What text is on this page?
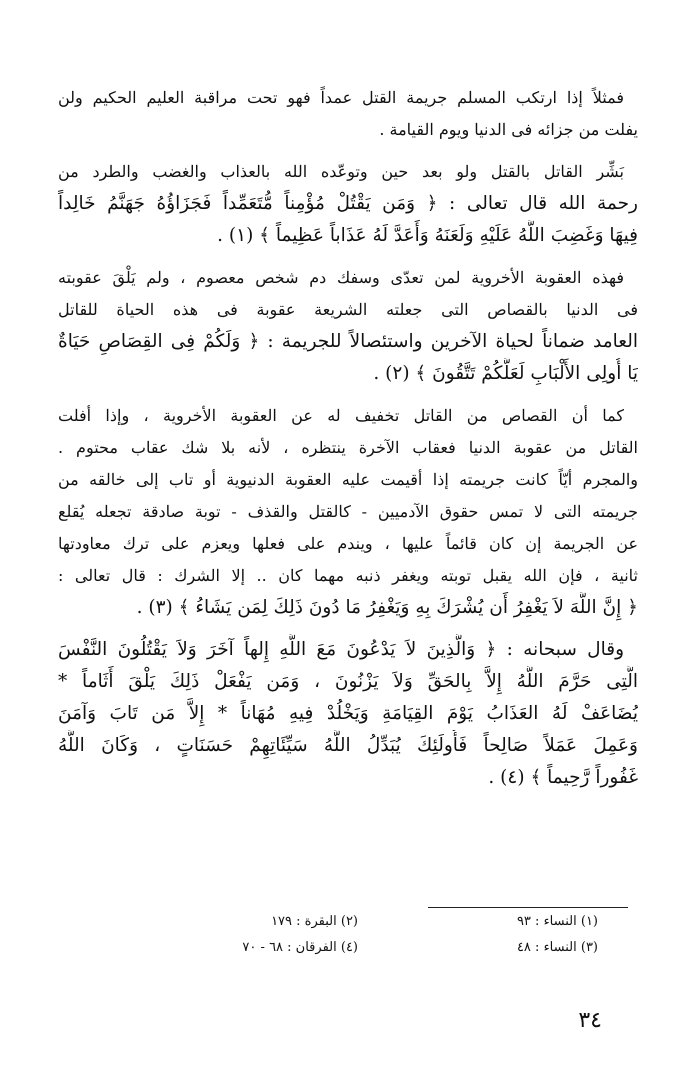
فمثلاً إذا ارتكب المسلم جريمة القتل عمداً فهو تحت مراقبة العليم الحكيم ولن
يفلت من جزائه فى الدنيا ويوم القيامة .
بَشِّر القاتل بالقتل ولو بعد حين وتوعّده الله بالعذاب والغضب والطرد من
رحمة الله قال تعالى : ﴿ وَمَن يَقْتُلْ مُؤْمِناً مُّتَعَمِّداً فَجَزَاؤُهُ جَهَنَّمُ خَالِداً
فِيهَا وَغَضِبَ اللَّهُ عَلَيْهِ وَلَعَنَهُ وَأَعَدَّ لَهُ عَذَاباً عَظِيماً ﴾ (١) .
فهذه العقوبة الأخروية لمن تعدّى وسفك دم شخص معصوم ، ولم يَلْقَ عقوبته
فى الدنيا بالقصاص التى جعلته الشريعة عقوبة فى هذه الحياة للقاتل
العامد ضماناً لحياة الآخرين واستئصالاً للجريمة : ﴿ وَلَكُمْ فِى القِصَاصِ حَيَاةٌ
يَا أُولِى الأَلْبَابِ لَعَلَّكُمْ تَتَّقُونَ ﴾ (٢) .
كما أن القصاص من القاتل تخفيف له عن العقوبة الأخروية ، وإذا أفلت
القاتل من عقوبة الدنيا فعقاب الآخرة ينتظره ، لأنه بلا شك عقاب محتوم .
والمجرم أيّاً كانت جريمته إذا أقيمت عليه العقوبة الدنيوية أو تاب إلى خالقه من
جريمته التى لا تمس حقوق الآدميين - كالقتل والقذف - توبة صادقة تجعله يُقلع
عن الجريمة إن كان قائماً عليها ، ويندم على فعلها ويعزم على ترك معاودتها
ثانية ، فإن الله يقبل توبته ويغفر ذنبه مهما كان .. إلا الشرك : قال تعالى :
﴿ إِنَّ اللَّهَ لاَ يَغْفِرُ أَن يُشْرَكَ بِهِ وَيَغْفِرُ مَا دُونَ ذَلِكَ لِمَن يَشَاءُ ﴾ (٣) .
وقال سبحانه : ﴿ وَالَّذِينَ لاَ يَدْعُونَ مَعَ اللَّهِ إِلهاً آخَرَ وَلاَ يَقْتُلُونَ النَّفْسَ
الَّتِى حَرَّمَ اللَّهُ إِلاَّ بِالحَقِّ وَلاَ يَزْنُونَ ، وَمَن يَفْعَلْ ذَلِكَ يَلْقَ أَثَاماً *
يُضَاعَفْ لَهُ العَذَابُ يَوْمَ القِيَامَةِ وَيَخْلُدْ فِيهِ مُهَاناً * إِلاَّ مَن تَابَ وَآمَنَ
وَعَمِلَ عَمَلاً صَالِحاً فَأُولَئِكَ يُبَدِّلُ اللَّهُ سَيِّئَاتِهِمْ حَسَنَاتٍ ، وَكَانَ اللَّهُ
غَفُوراً رَّحِيماً ﴾ (٤) .
(١) النساء : ٩٣
(٢) البقرة : ١٧٩
(٣) النساء : ٤٨
(٤) الفرقان : ٦٨ - ٧٠
٣٤
